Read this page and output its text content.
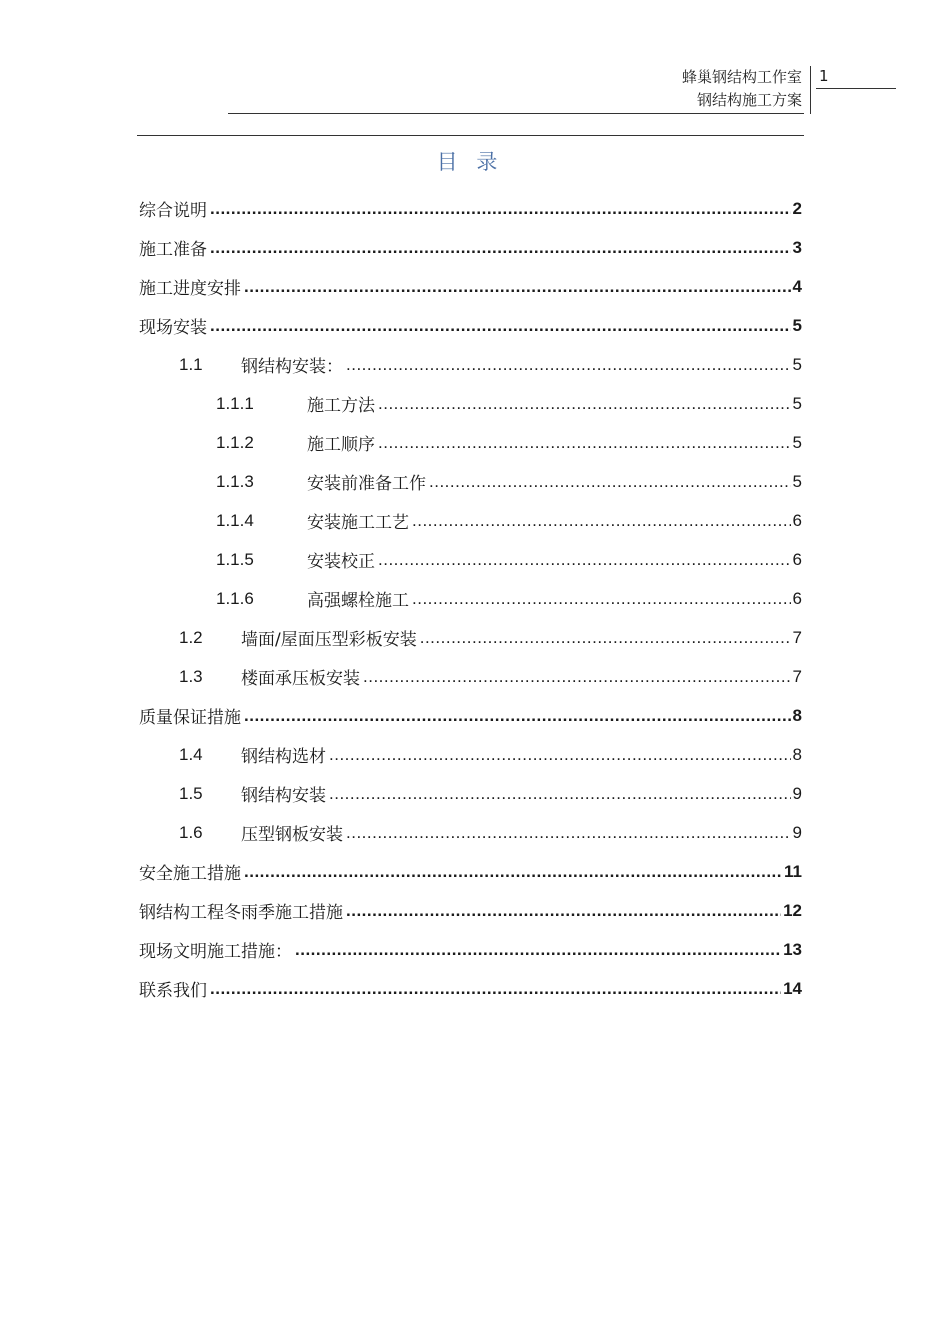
蜂巢钢结构工作室
钢结构施工方案
1
目 录
综合说明 .....	2
施工准备 .....	3
施工进度安排 .....	4
现场安装 .....	5
1.1	钢结构安装： .....	5
1.1.1	施工方法 .....	5
1.1.2	施工顺序 .....	5
1.1.3	安装前准备工作 .....	5
1.1.4	安装施工工艺 .....	6
1.1.5	安装校正 .....	6
1.1.6	高强螺栓施工 .....	6
1.2	墙面/屋面压型彩板安装 .....	7
1.3	楼面承压板安装 .....	7
质量保证措施 .....	8
1.4	钢结构选材 .....	8
1.5	钢结构安装 .....	9
1.6	压型钢板安装 .....	9
安全施工措施 .....	11
钢结构工程冬雨季施工措施 .....	12
现场文明施工措施： .....	13
联系我们 .....	14
